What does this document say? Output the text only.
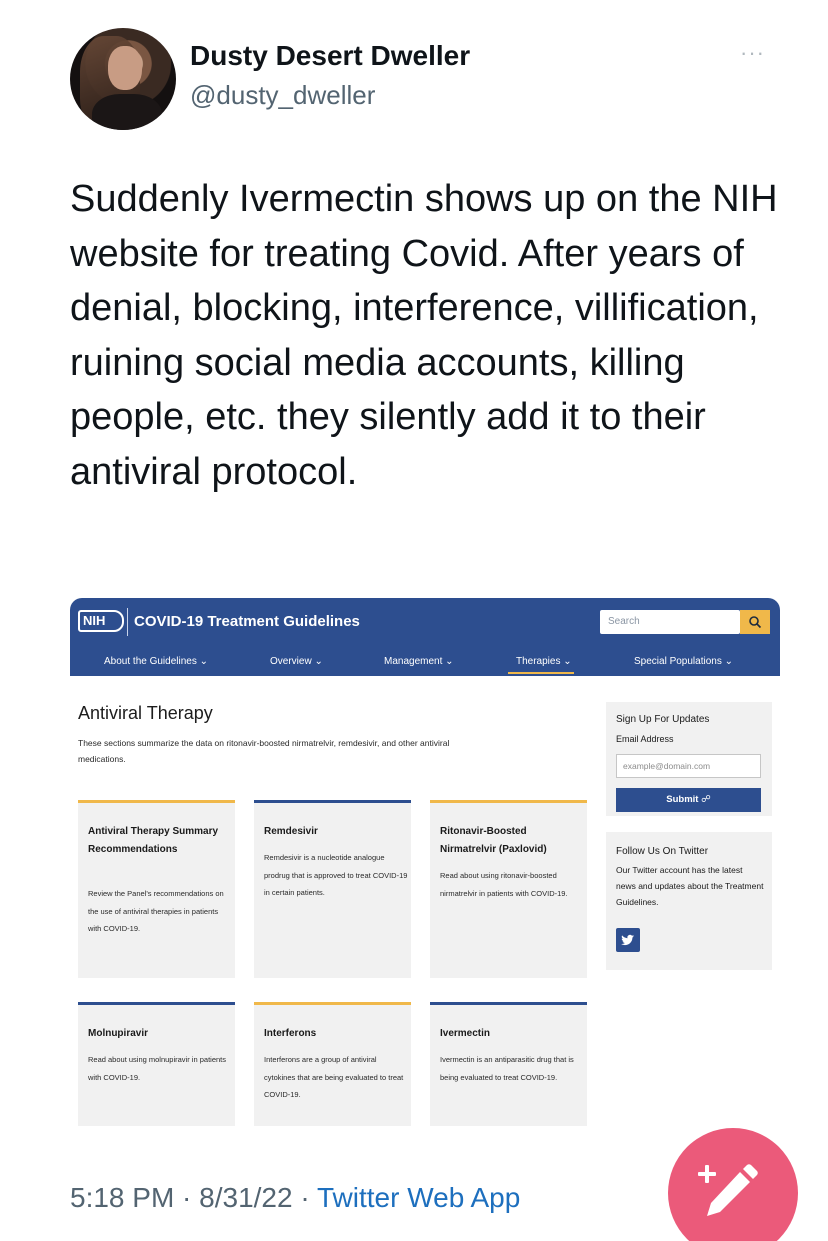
Dusty Desert Dweller
@dusty_dweller
···
Suddenly Ivermectin shows up on the NIH website for treating Covid. After years of denial, blocking, interference, villification, ruining social media accounts, killing people, etc. they silently add it to their antiviral protocol.
NIH	COVID-19 Treatment Guidelines	Search
About the Guidelines ⌄	Overview ⌄	Management ⌄	Therapies ⌄	Special Populations ⌄
Antiviral Therapy
These sections summarize the data on ritonavir-boosted nirmatrelvir, remdesivir, and other antiviral medications.
Antiviral Therapy Summary Recommendations
Review the Panel's recommendations on the use of antiviral therapies in patients with COVID-19.
Remdesivir
Remdesivir is a nucleotide analogue prodrug that is approved to treat COVID-19 in certain patients.
Ritonavir-Boosted Nirmatrelvir (Paxlovid)
Read about using ritonavir-boosted nirmatrelvir in patients with COVID-19.
Molnupiravir
Read about using molnupiravir in patients with COVID-19.
Interferons
Interferons are a group of antiviral cytokines that are being evaluated to treat COVID-19.
Ivermectin
Ivermectin is an antiparasitic drug that is being evaluated to treat COVID-19.
Sign Up For Updates
Email Address
example@domain.com
Submit ☍
Follow Us On Twitter
Our Twitter account has the latest news and updates about the Treatment Guidelines.
5:18 PM · 8/31/22 · Twitter Web App
